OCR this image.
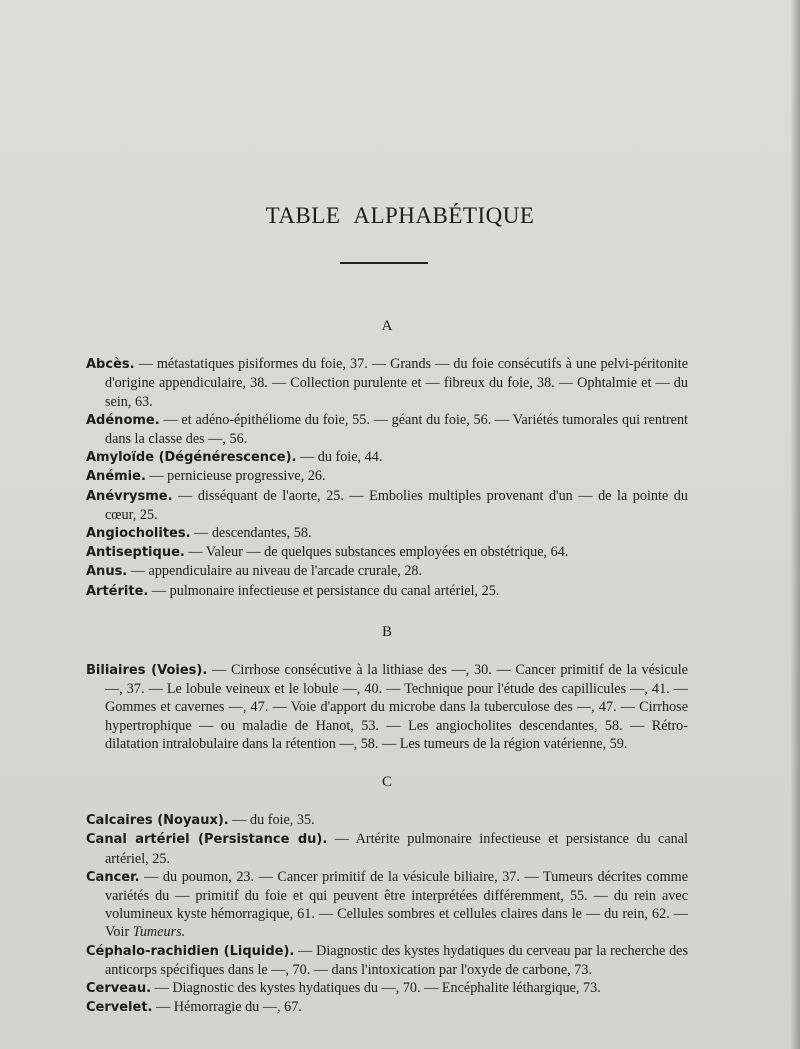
TABLE ALPHABÉTIQUE
A

Abcès. — métastatiques pisiformes du foie, 37. — Grands — du foie consécutifs à une pelvi-péritonite d'origine appendiculaire, 38. — Collection purulente et — fibreux du foie, 38. — Ophtalmie et — du sein, 63.

Adénome. — et adéno-épithéliome du foie, 55. — géant du foie, 56. — Variétés tumorales qui rentrent dans la classe des —, 56.

Amyloïde (Dégénérescence). — du foie, 44.

Anémie. — pernicieuse progressive, 26.

Anévrysme. — disséquant de l'aorte, 25. — Embolies multiples provenant d'un — de la pointe du cœur, 25.

Angiocholites. — descendantes, 58.

Antiseptique. — Valeur — de quelques substances employées en obstétrique, 64.

Anus. — appendiculaire au niveau de l'arcade crurale, 28.

Artérite. — pulmonaire infectieuse et persistance du canal artériel, 25.

B

Biliaires (Voies). — Cirrhose consécutive à la lithiase des —, 30. — Cancer primitif de la vésicule —, 37. — Le lobule veineux et le lobule —, 40. — Technique pour l'étude des capillicules —, 41. — Gommes et cavernes —, 47. — Voie d'apport du microbe dans la tuberculose des —, 47. — Cirrhose hypertrophique — ou maladie de Hanot, 53. — Les angiocholites descendantes, 58. — Rétro-dilatation intralobulaire dans la rétention —, 58. — Les tumeurs de la région vatérienne, 59.

C

Calcaires (Noyaux). — du foie, 35.

Canal artériel (Persistance du). — Artérite pulmonaire infectieuse et persistance du canal artériel, 25.

Cancer. — du poumon, 23. — Cancer primitif de la vésicule biliaire, 37. — Tumeurs décrites comme variétés du — primitif du foie et qui peuvent être interprétées différemment, 55. — du rein avec volumineux kyste hémorragique, 61. — Cellules sombres et cellules claires dans le — du rein, 62. — Voir Tumeurs.

Céphalo-rachidien (Liquide). — Diagnostic des kystes hydatiques du cerveau par la recherche des anticorps spécifiques dans le —, 70. — dans l'intoxication par l'oxyde de carbone, 73.

Cerveau. — Diagnostic des kystes hydatiques du —, 70. — Encéphalite léthargique, 73.

Cervelet. — Hémorragie du —, 67.
